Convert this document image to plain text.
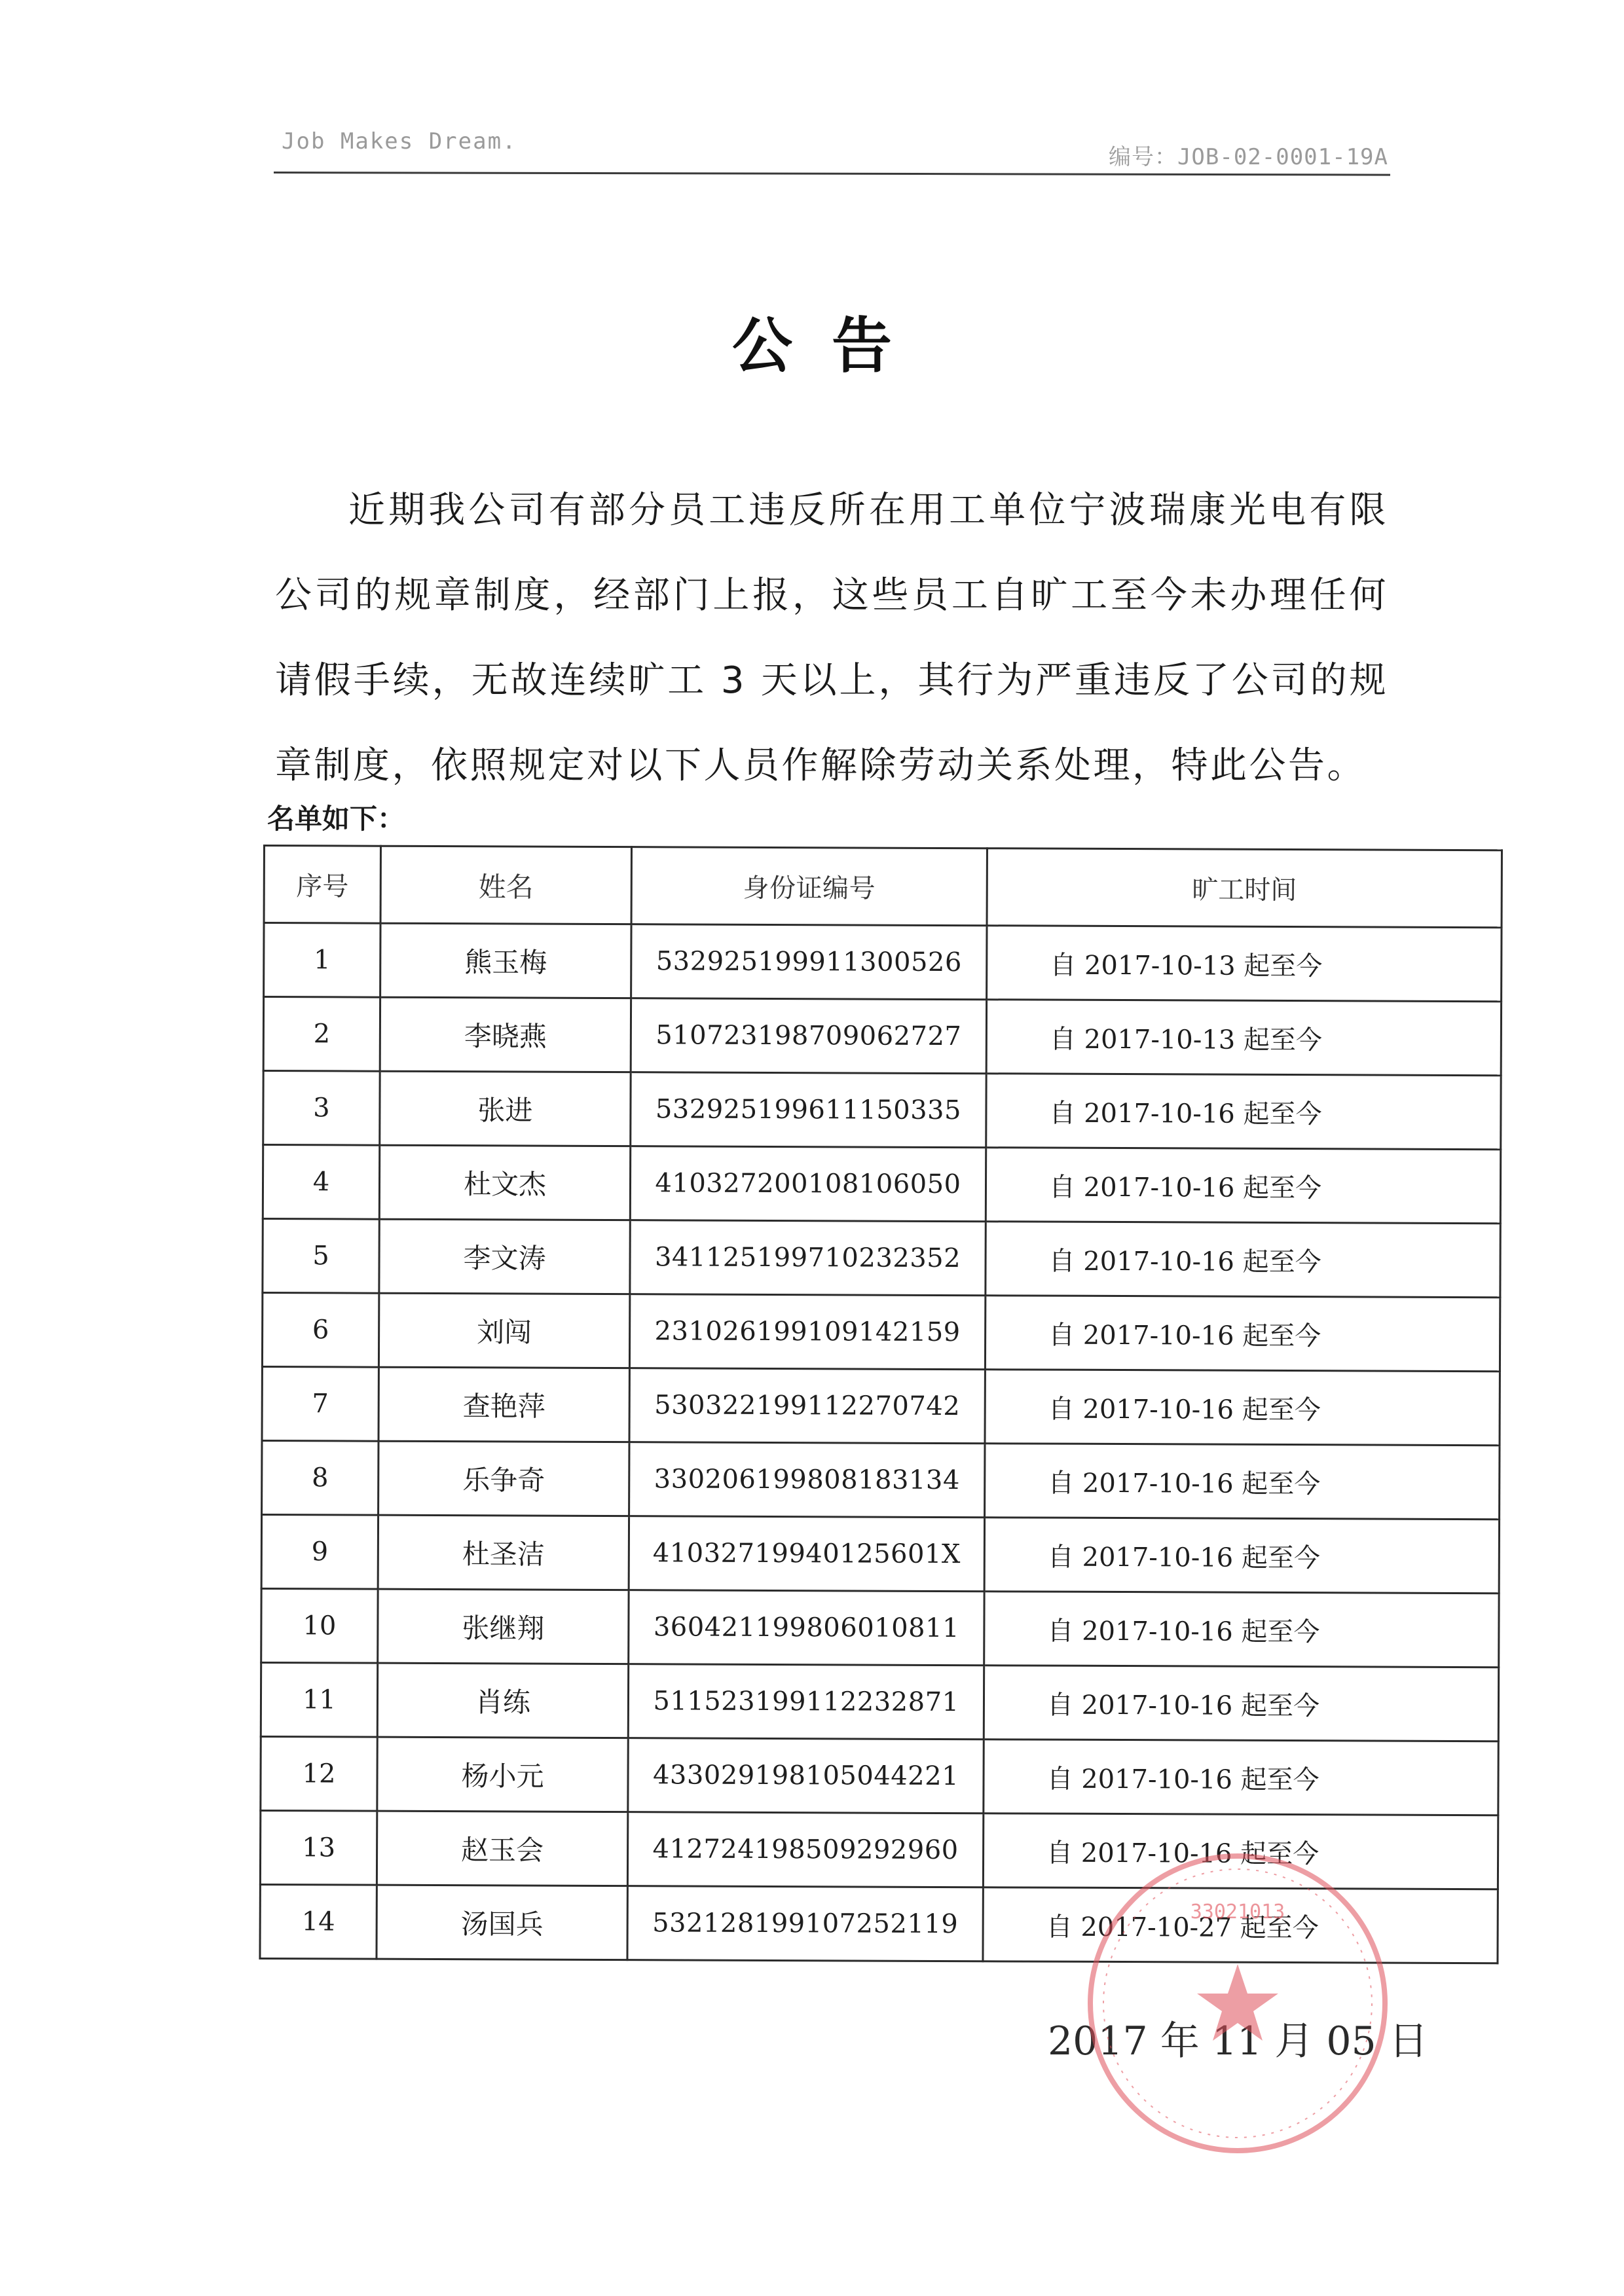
Job Makes Dream.
编号：JOB-02-0001-19A
公告
近期我公司有部分员工违反所在用工单位宁波瑞康光电有限公司的规章制度，经部门上报，这些员工自旷工至今未办理任何请假手续，无故连续旷工 3 天以上，其行为严重违反了公司的规章制度，依照规定对以下人员作解除劳动关系处理，特此公告。
名单如下：
序号	姓名	身份证编号	旷工时间
1	熊玉梅	532925199911300526	自 2017-10-13 起至今
2	李晓燕	510723198709062727	自 2017-10-13 起至今
3	张进	532925199611150335	自 2017-10-16 起至今
4	杜文杰	410327200108106050	自 2017-10-16 起至今
5	李文涛	341125199710232352	自 2017-10-16 起至今
6	刘闯	231026199109142159	自 2017-10-16 起至今
7	查艳萍	530322199112270742	自 2017-10-16 起至今
8	乐争奇	330206199808183134	自 2017-10-16 起至今
9	杜圣洁	41032719940125601X	自 2017-10-16 起至今
10	张继翔	360421199806010811	自 2017-10-16 起至今
11	肖练	511523199112232871	自 2017-10-16 起至今
12	杨小元	433029198105044221	自 2017-10-16 起至今
13	赵玉会	412724198509292960	自 2017-10-16 起至今
14	汤国兵	532128199107252119	自 2017-10-27 起至今
2017 年 11 月 05 日
33021013
